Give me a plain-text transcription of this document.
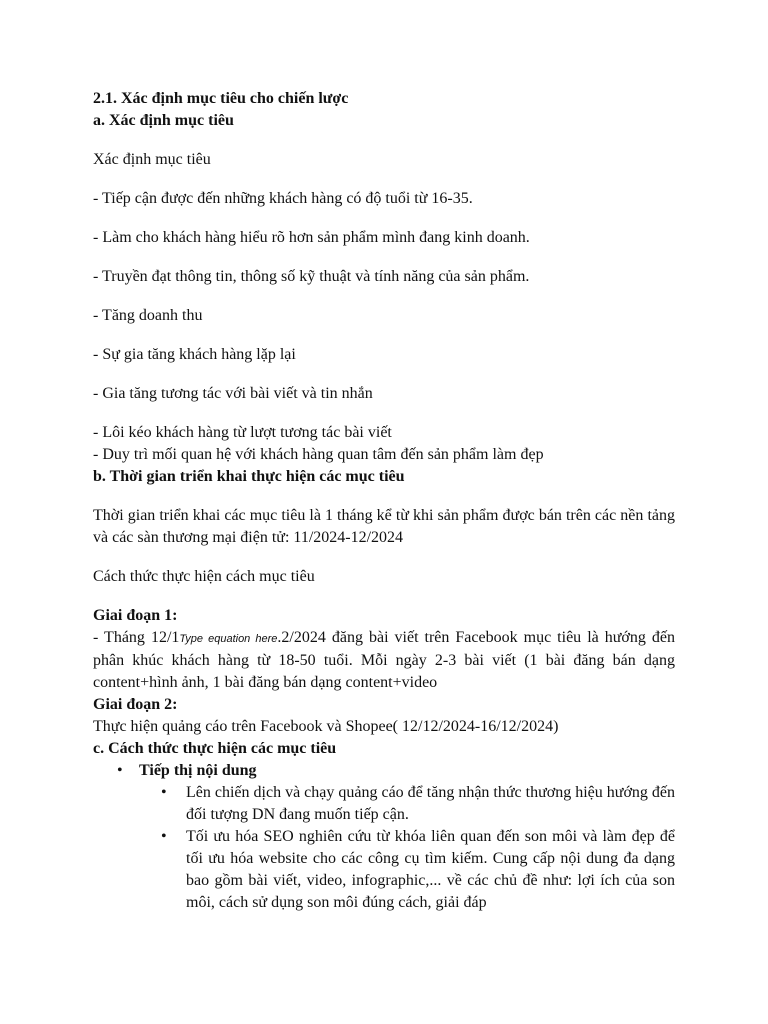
2.1. Xác định mục tiêu cho chiến lược

a. Xác định mục tiêu

Xác định mục tiêu

- Tiếp cận được đến những khách hàng có độ tuổi từ 16-35.

- Làm cho khách hàng hiểu rõ hơn sản phẩm mình đang kinh doanh.

- Truyền đạt thông tin, thông số kỹ thuật và tính năng của sản phẩm.

- Tăng doanh thu

- Sự gia tăng khách hàng lặp lại

- Gia tăng tương tác với bài viết và tin nhắn

- Lôi kéo khách hàng từ lượt tương tác bài viết

- Duy trì mối quan hệ với khách hàng quan tâm đến sản phẩm làm đẹp

b. Thời gian triển khai thực hiện các mục tiêu

Thời gian triển khai các mục tiêu là 1 tháng kể từ khi sản phẩm được bán trên các nền tảng và các sàn thương mại điện tử: 11/2024-12/2024

Cách thức thực hiện cách mục tiêu

Giai đoạn 1:

- Tháng 12/1Type equation here.2/2024 đăng bài viết trên Facebook mục tiêu là hướng đến phân khúc khách hàng từ 18-50 tuổi. Mỗi ngày 2-3 bài viết (1 bài đăng bán dạng content+hình ảnh, 1 bài đăng bán dạng content+video

Giai đoạn 2:

Thực hiện quảng cáo trên Facebook và Shopee( 12/12/2024-16/12/2024)

c. Cách thức thực hiện các mục tiêu

• Tiếp thị nội dung
• Lên chiến dịch và chạy quảng cáo để tăng nhận thức thương hiệu hướng đến đối tượng DN đang muốn tiếp cận.
• Tối ưu hóa SEO nghiên cứu từ khóa liên quan đến son môi và làm đẹp để tối ưu hóa website cho các công cụ tìm kiếm. Cung cấp nội dung đa dạng bao gồm bài viết, video, infographic,... về các chủ đề như: lợi ích của son môi, cách sử dụng son môi đúng cách, giải đáp
